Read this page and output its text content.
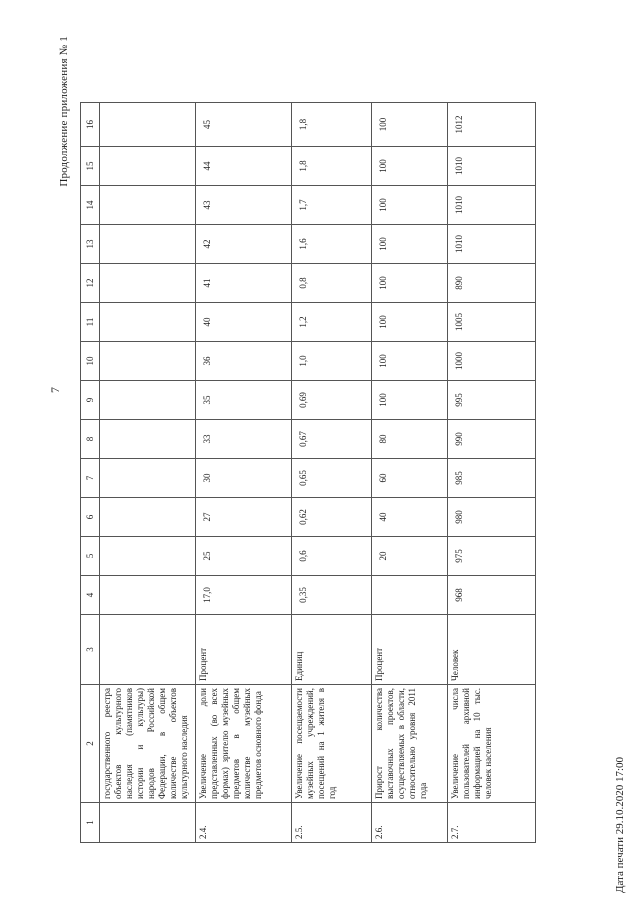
7
Продолжение приложения № 1
1	2	3	4	5	6	7	8	9	10	11	12	13	14	15	16
	государственного реестра объектов культурного наследия (памятников истории и культуры) народов Российской Федерации, в общем количестве объектов культурного наследия														
2.4.	Увеличение доли представленных (во всех формах) зрителю музейных предметов в общем количестве музейных предметов основного фонда	Процент	17,0	25	27	30	33	35	36	40	41	42	43	44	45
2.5.	Увеличение посещаемости музейных учреждений, посещений на 1 жителя в год	Единиц	0,35	0,6	0,62	0,65	0,67	0,69	1,0	1,2	0,8	1,6	1,7	1,8	1,8
2.6.	Прирост количества выставочных проектов, осуществляемых в области, относительно уровня 2011 года	Процент		20	40	60	80	100	100	100	100	100	100	100	100
2.7.	Увеличение числа пользователей архивной информацией на 10 тыс. человек населения	Человек	968	975	980	985	990	995	1000	1005	890	1010	1010	1010	1012
Дата печати 29.10.2020 17:00
